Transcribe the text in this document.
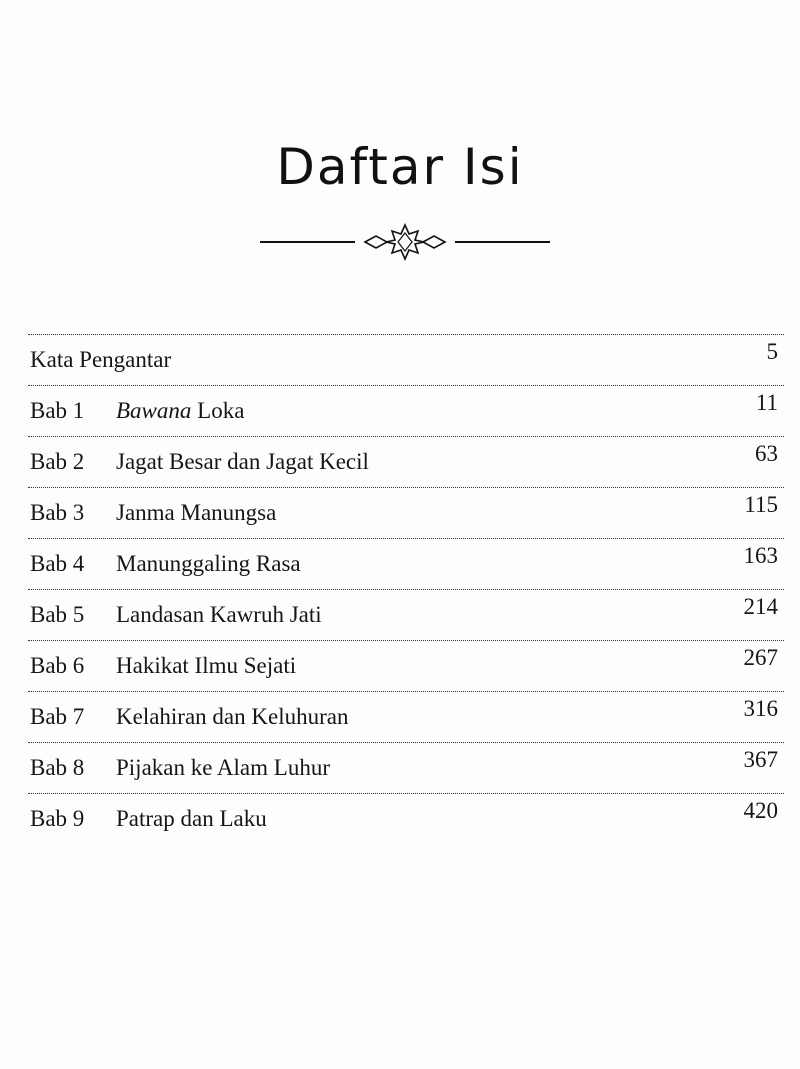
Daftar Isi
Kata Pengantar	5
Bab 1 Bawana Loka	11
Bab 2 Jagat Besar dan Jagat Kecil	63
Bab 3 Janma Manungsa	115
Bab 4 Manunggaling Rasa	163
Bab 5 Landasan Kawruh Jati	214
Bab 6 Hakikat Ilmu Sejati	267
Bab 7 Kelahiran dan Keluhuran	316
Bab 8 Pijakan ke Alam Luhur	367
Bab 9 Patrap dan Laku	420
